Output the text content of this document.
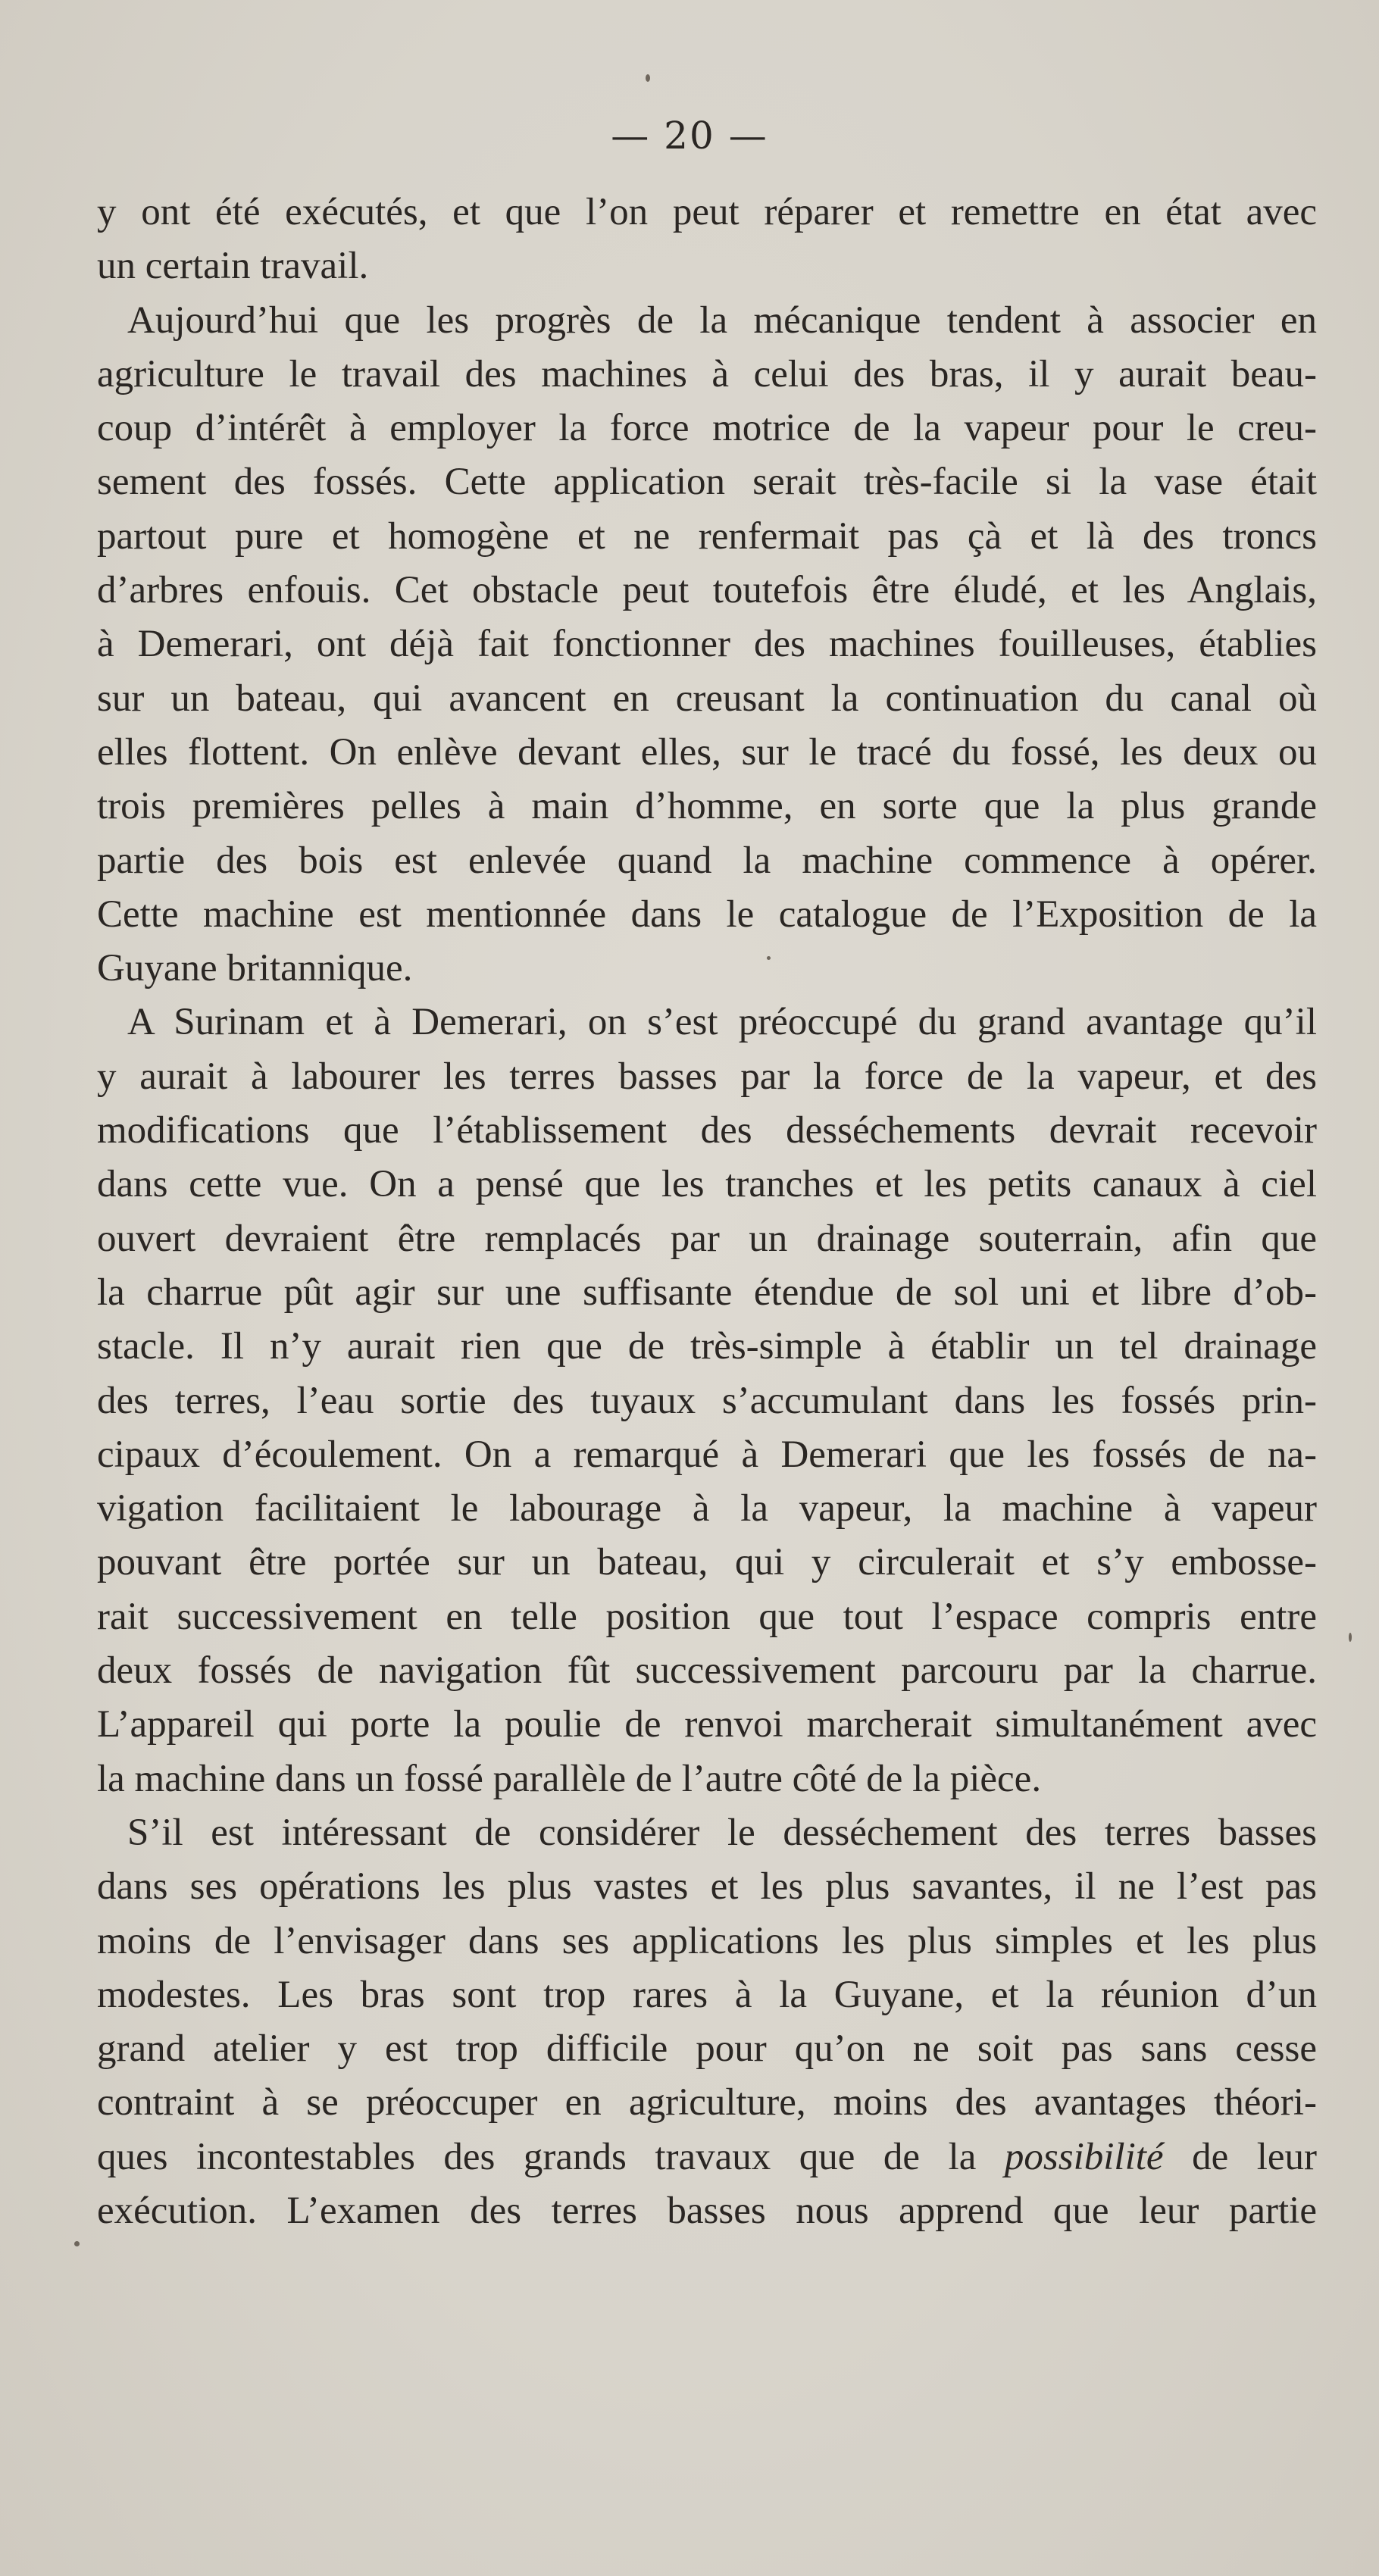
— 20 —
y ont été exécutés, et que l’on peut réparer et remettre en état avec
un certain travail.
Aujourd’hui que les progrès de la mécanique tendent à associer en
agriculture le travail des machines à celui des bras, il y aurait beau-
coup d’intérêt à employer la force motrice de la vapeur pour le creu-
sement des fossés. Cette application serait très-facile si la vase était
partout pure et homogène et ne renfermait pas çà et là des troncs
d’arbres enfouis. Cet obstacle peut toutefois être éludé, et les Anglais,
à Demerari, ont déjà fait fonctionner des machines fouilleuses, établies
sur un bateau, qui avancent en creusant la continuation du canal où
elles flottent. On enlève devant elles, sur le tracé du fossé, les deux ou
trois premières pelles à main d’homme, en sorte que la plus grande
partie des bois est enlevée quand la machine commence à opérer.
Cette machine est mentionnée dans le catalogue de l’Exposition de la
Guyane britannique.
A Surinam et à Demerari, on s’est préoccupé du grand avantage qu’il
y aurait à labourer les terres basses par la force de la vapeur, et des
modifications que l’établissement des desséchements devrait recevoir
dans cette vue. On a pensé que les tranches et les petits canaux à ciel
ouvert devraient être remplacés par un drainage souterrain, afin que
la charrue pût agir sur une suffisante étendue de sol uni et libre d’ob-
stacle. Il n’y aurait rien que de très-simple à établir un tel drainage
des terres, l’eau sortie des tuyaux s’accumulant dans les fossés prin-
cipaux d’écoulement. On a remarqué à Demerari que les fossés de na-
vigation facilitaient le labourage à la vapeur, la machine à vapeur
pouvant être portée sur un bateau, qui y circulerait et s’y embosse-
rait successivement en telle position que tout l’espace compris entre
deux fossés de navigation fût successivement parcouru par la charrue.
L’appareil qui porte la poulie de renvoi marcherait simultanément avec
la machine dans un fossé parallèle de l’autre côté de la pièce.
S’il est intéressant de considérer le desséchement des terres basses
dans ses opérations les plus vastes et les plus savantes, il ne l’est pas
moins de l’envisager dans ses applications les plus simples et les plus
modestes. Les bras sont trop rares à la Guyane, et la réunion d’un
grand atelier y est trop difficile pour qu’on ne soit pas sans cesse
contraint à se préoccuper en agriculture, moins des avantages théori-
ques incontestables des grands travaux que de la possibilité de leur
exécution. L’examen des terres basses nous apprend que leur partie
